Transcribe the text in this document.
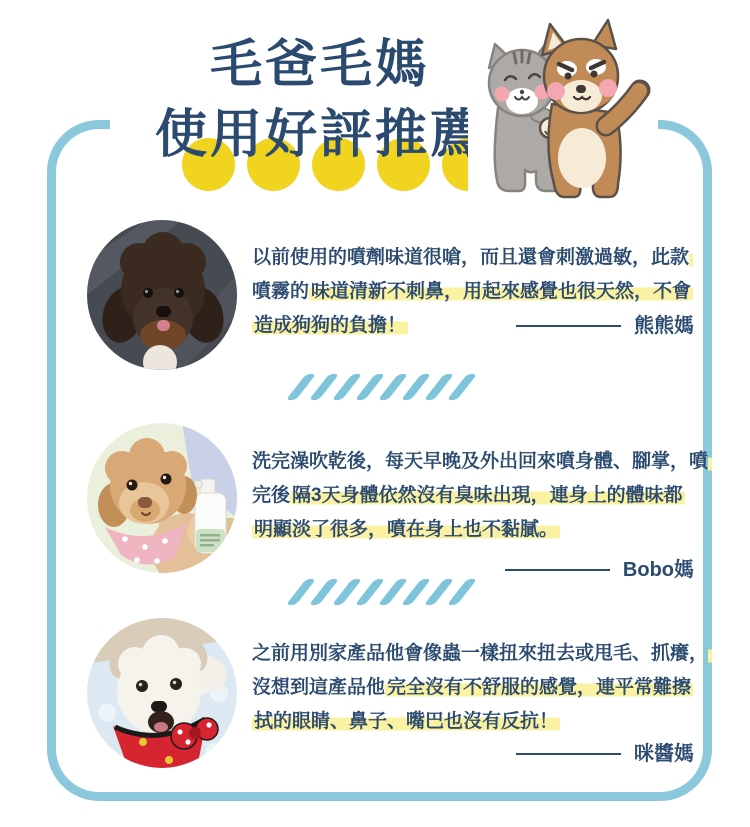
毛爸毛媽
使用好評推薦
以前使用的噴劑味道很嗆，而且還會刺激過敏，此款
噴霧的 味道清新不刺鼻，用起來感覺也很天然，不會
造成狗狗的負擔！	熊熊媽
洗完澡吹乾後，每天早晚及外出回來噴身體、腳掌，噴
完後 隔3天身體依然沒有臭味出現，連身上的體味都
明顯淡了很多，噴在身上也不黏膩。
Bobo媽
之前用別家產品他會像蟲一樣扭來扭去或甩毛、抓癢，
沒想到這產品他 完全沒有不舒服的感覺，連平常難擦
拭的眼睛、鼻子、嘴巴也沒有反抗！
咪醬媽
